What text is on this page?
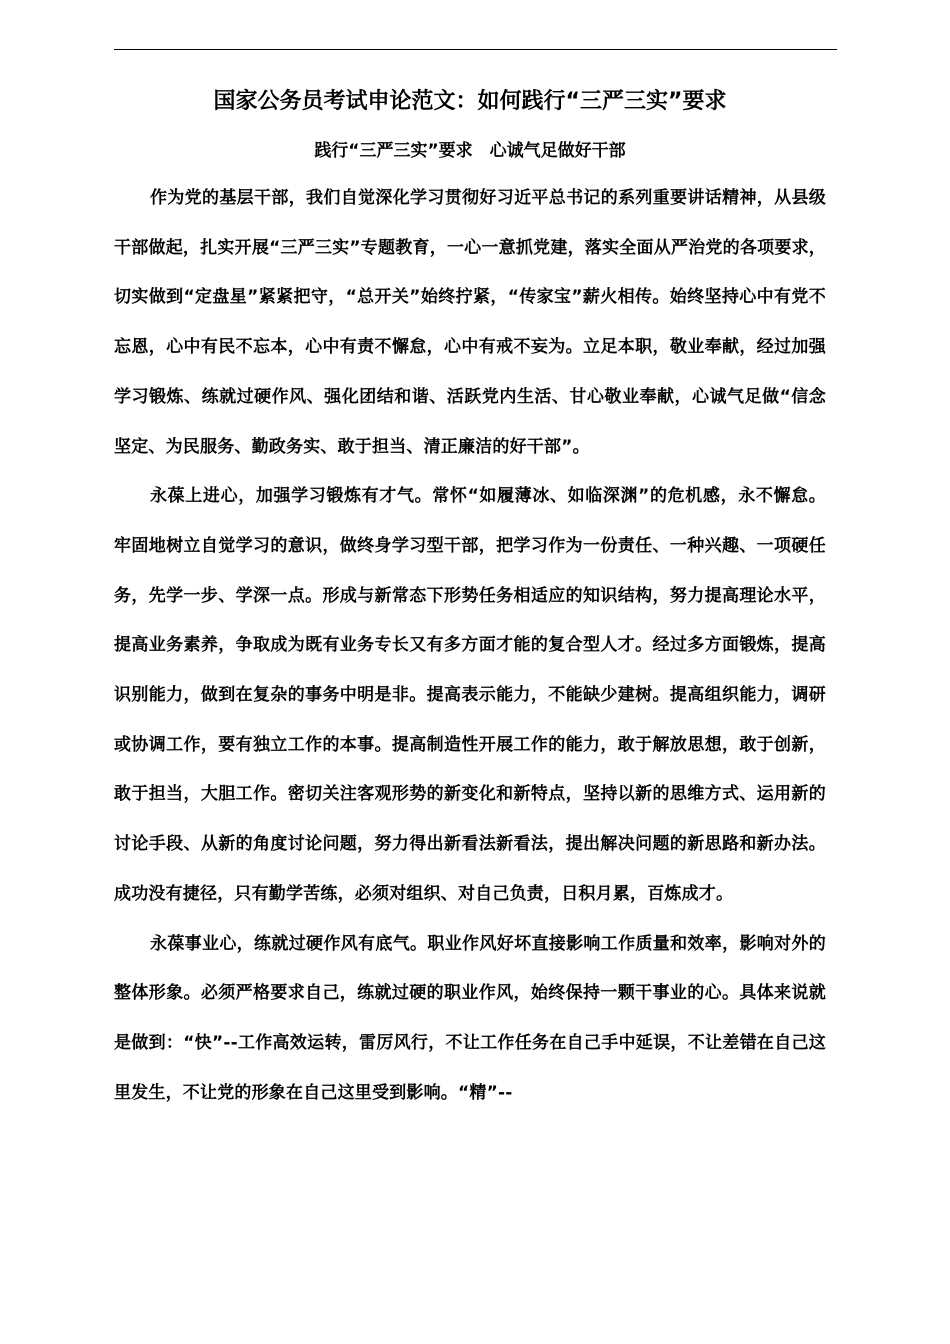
国家公务员考试申论范文：如何践行“三严三实”要求
践行“三严三实”要求　心诚气足做好干部

作为党的基层干部，我们自觉深化学习贯彻好习近平总书记的系列重要讲话精神，从县级干部做起，扎实开展“三严三实”专题教育，一心一意抓党建，落实全面从严治党的各项要求，切实做到“定盘星”紧紧把守，“总开关”始终拧紧，“传家宝”薪火相传。始终坚持心中有党不忘恩，心中有民不忘本，心中有责不懈怠，心中有戒不妄为。立足本职，敬业奉献，经过加强学习锻炼、练就过硬作风、强化团结和谐、活跃党内生活、甘心敬业奉献，心诚气足做“信念坚定、为民服务、勤政务实、敢于担当、清正廉洁的好干部”。

永葆上进心，加强学习锻炼有才气。常怀“如履薄冰、如临深渊”的危机感，永不懈怠。牢固地树立自觉学习的意识，做终身学习型干部，把学习作为一份责任、一种兴趣、一项硬任务，先学一步、学深一点。形成与新常态下形势任务相适应的知识结构，努力提高理论水平，提高业务素养，争取成为既有业务专长又有多方面才能的复合型人才。经过多方面锻炼，提高识别能力，做到在复杂的事务中明是非。提高表示能力，不能缺少建树。提高组织能力，调研或协调工作，要有独立工作的本事。提高制造性开展工作的能力，敢于解放思想，敢于创新，敢于担当，大胆工作。密切关注客观形势的新变化和新特点，坚持以新的思维方式、运用新的讨论手段、从新的角度讨论问题，努力得出新看法新看法，提出解决问题的新思路和新办法。成功没有捷径，只有勤学苦练，必须对组织、对自己负责，日积月累，百炼成才。

永葆事业心，练就过硬作风有底气。职业作风好坏直接影响工作质量和效率，影响对外的整体形象。必须严格要求自己，练就过硬的职业作风，始终保持一颗干事业的心。具体来说就是做到：“快”--工作高效运转，雷厉风行，不让工作任务在自己手中延误，不让差错在自己这里发生，不让党的形象在自己这里受到影响。“精”--
